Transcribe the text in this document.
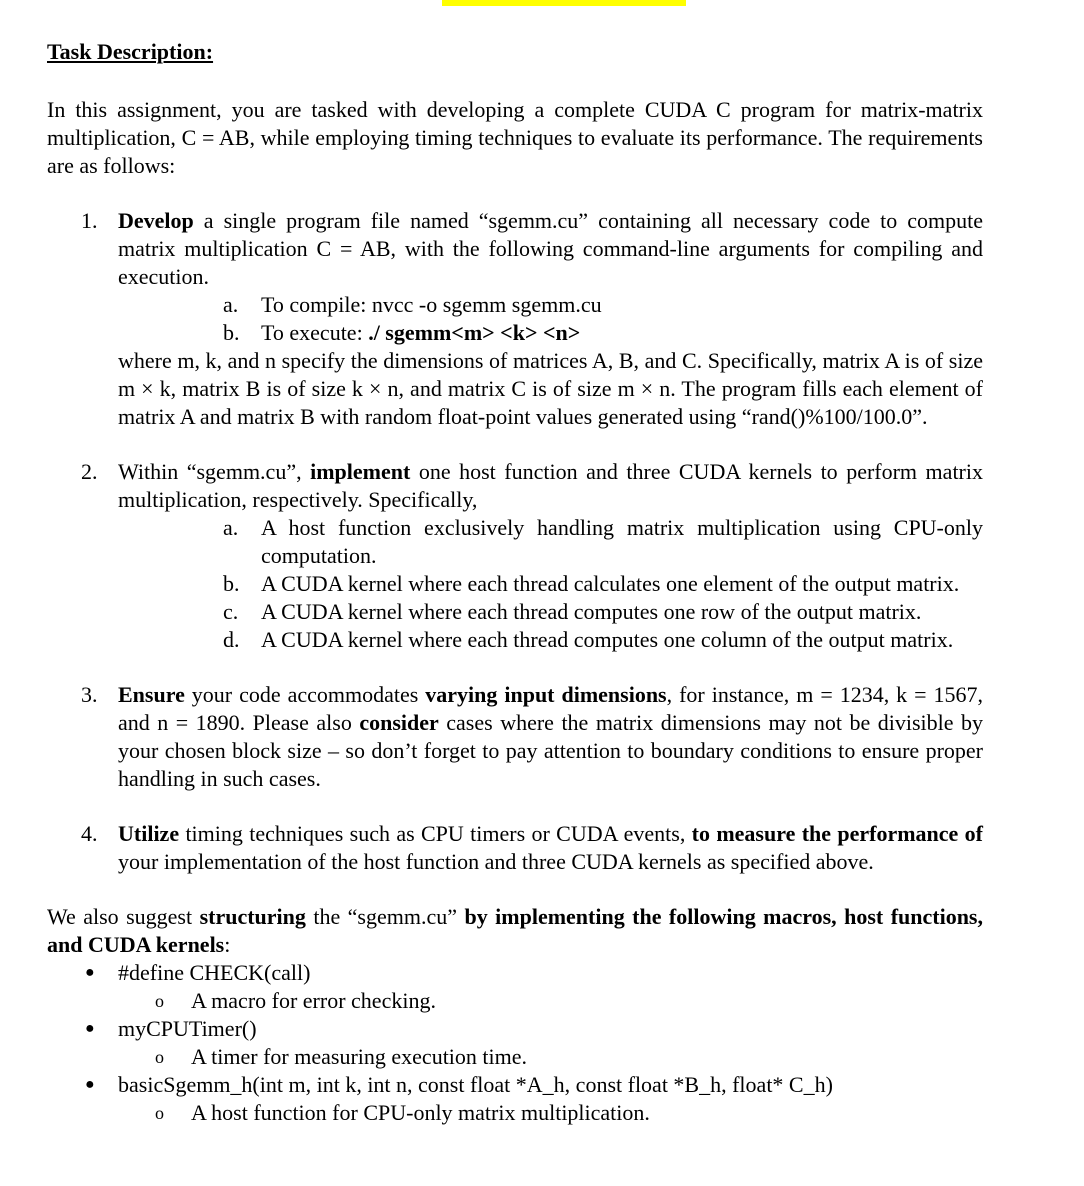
Task Description:
In this assignment, you are tasked with developing a complete CUDA C program for matrix-matrix multiplication, C = AB, while employing timing techniques to evaluate its performance. The requirements are as follows:
1. Develop a single program file named “sgemm.cu” containing all necessary code to compute matrix multiplication C = AB, with the following command-line arguments for compiling and execution.
a. To compile: nvcc -o sgemm sgemm.cu
b. To execute: ./ sgemm<m> <k> <n>
where m, k, and n specify the dimensions of matrices A, B, and C. Specifically, matrix A is of size m × k, matrix B is of size k × n, and matrix C is of size m × n. The program fills each element of matrix A and matrix B with random float-point values generated using “rand()%100/100.0”.
2. Within “sgemm.cu”, implement one host function and three CUDA kernels to perform matrix multiplication, respectively. Specifically,
a. A host function exclusively handling matrix multiplication using CPU-only computation.
b. A CUDA kernel where each thread calculates one element of the output matrix.
c. A CUDA kernel where each thread computes one row of the output matrix.
d. A CUDA kernel where each thread computes one column of the output matrix.
3. Ensure your code accommodates varying input dimensions, for instance, m = 1234, k = 1567, and n = 1890. Please also consider cases where the matrix dimensions may not be divisible by your chosen block size – so don’t forget to pay attention to boundary conditions to ensure proper handling in such cases.
4. Utilize timing techniques such as CPU timers or CUDA events, to measure the performance of your implementation of the host function and three CUDA kernels as specified above.
We also suggest structuring the “sgemm.cu” by implementing the following macros, host functions, and CUDA kernels:
● #define CHECK(call)
o A macro for error checking.
● myCPUTimer()
o A timer for measuring execution time.
● basicSgemm_h(int m, int k, int n, const float *A_h, const float *B_h, float* C_h)
o A host function for CPU-only matrix multiplication.
